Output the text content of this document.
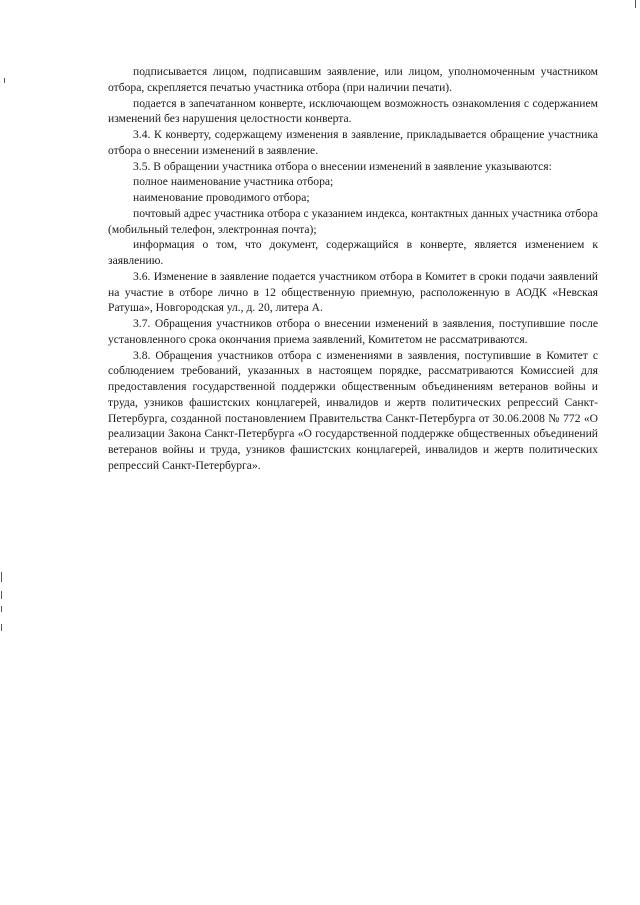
подписывается лицом, подписавшим заявление, или лицом, уполномоченным участником отбора, скрепляется печатью участника отбора (при наличии печати).

подается в запечатанном конверте, исключающем возможность ознакомления с содержанием изменений без нарушения целостности конверта.

3.4. К конверту, содержащему изменения в заявление, прикладывается обращение участника отбора о внесении изменений в заявление.

3.5. В обращении участника отбора о внесении изменений в заявление указываются:

полное наименование участника отбора;

наименование проводимого отбора;

почтовый адрес участника отбора с указанием индекса, контактных данных участника отбора (мобильный телефон, электронная почта);

информация о том, что документ, содержащийся в конверте, является изменением к заявлению.

3.6. Изменение в заявление подается участником отбора в Комитет в сроки подачи заявлений на участие в отборе лично в 12 общественную приемную, расположенную в АОДК «Невская Ратуша», Новгородская ул., д. 20, литера А.

3.7. Обращения участников отбора о внесении изменений в заявления, поступившие после установленного срока окончания приема заявлений, Комитетом не рассматриваются.

3.8. Обращения участников отбора с изменениями в заявления, поступившие в Комитет с соблюдением требований, указанных в настоящем порядке, рассматриваются Комиссией для предоставления государственной поддержки общественным объединениям ветеранов войны и труда, узников фашистских концлагерей, инвалидов и жертв политических репрессий Санкт-Петербурга, созданной постановлением Правительства Санкт-Петербурга от 30.06.2008 № 772 «О реализации Закона Санкт-Петербурга «О государственной поддержке общественных объединений ветеранов войны и труда, узников фашистских концлагерей, инвалидов и жертв политических репрессий Санкт-Петербурга».
